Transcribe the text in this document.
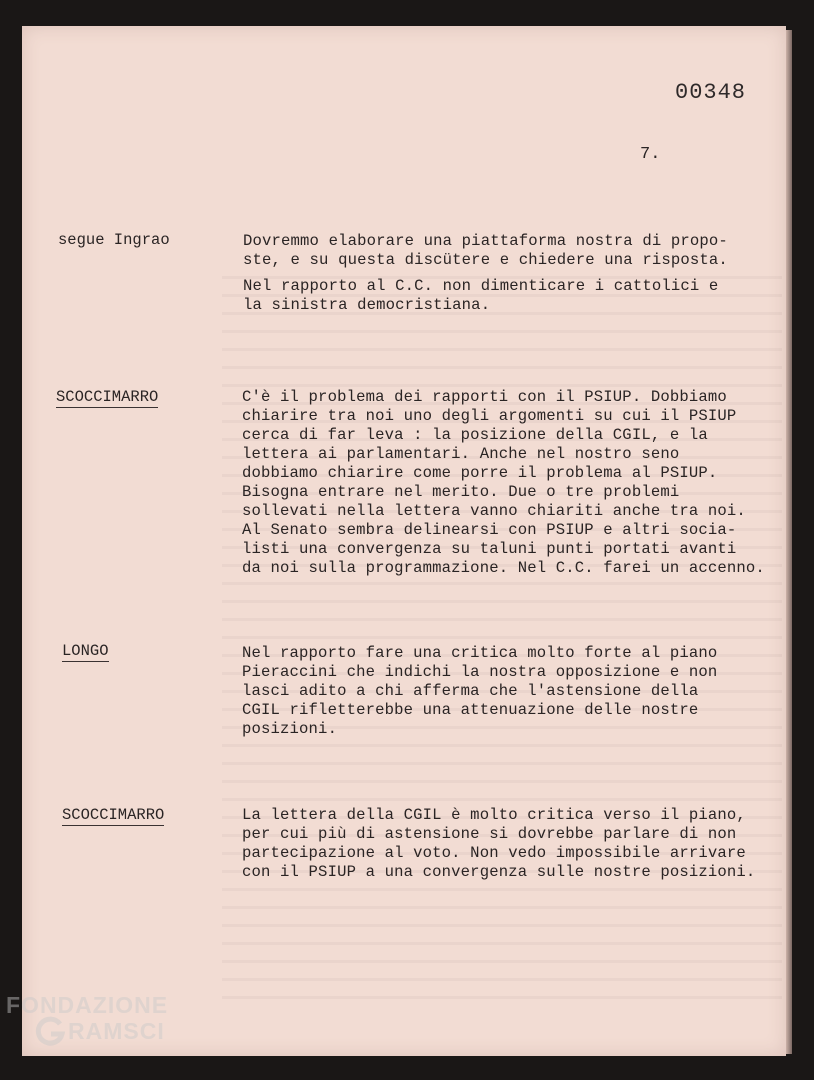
00348
7.
segue Ingrao	Dovremmo elaborare una piattaforma nostra di propo-
ste, e su questa discütere e chiedere una risposta.
Nel rapporto al C.C. non dimenticare i cattolici e
la sinistra democristiana.
SCOCCIMARRO	C'è il problema dei rapporti con il PSIUP. Dobbiamo
chiarire tra noi uno degli argomenti su cui il PSIUP
cerca di far leva : la posizione della CGIL, e la
lettera ai parlamentari. Anche nel nostro seno
dobbiamo chiarire come porre il problema al PSIUP.
Bisogna entrare nel merito. Due o tre problemi
sollevati nella lettera vanno chiariti anche tra noi.
Al Senato sembra delinearsi con PSIUP e altri socia-
listi una convergenza su taluni punti portati avanti
da noi sulla programmazione. Nel C.C. farei un accenno.
LONGO	Nel rapporto fare una critica molto forte al piano
Pieraccini che indichi la nostra opposizione e non
lasci adito a chi afferma che l'astensione della
CGIL rifletterebbe una attenuazione delle nostre
posizioni.
SCOCCIMARRO	La lettera della CGIL è molto critica verso il piano,
per cui più di astensione si dovrebbe parlare di non
partecipazione al voto. Non vedo impossibile arrivare
con il PSIUP a una convergenza sulle nostre posizioni.
FONDAZIONE
RAMSCI
